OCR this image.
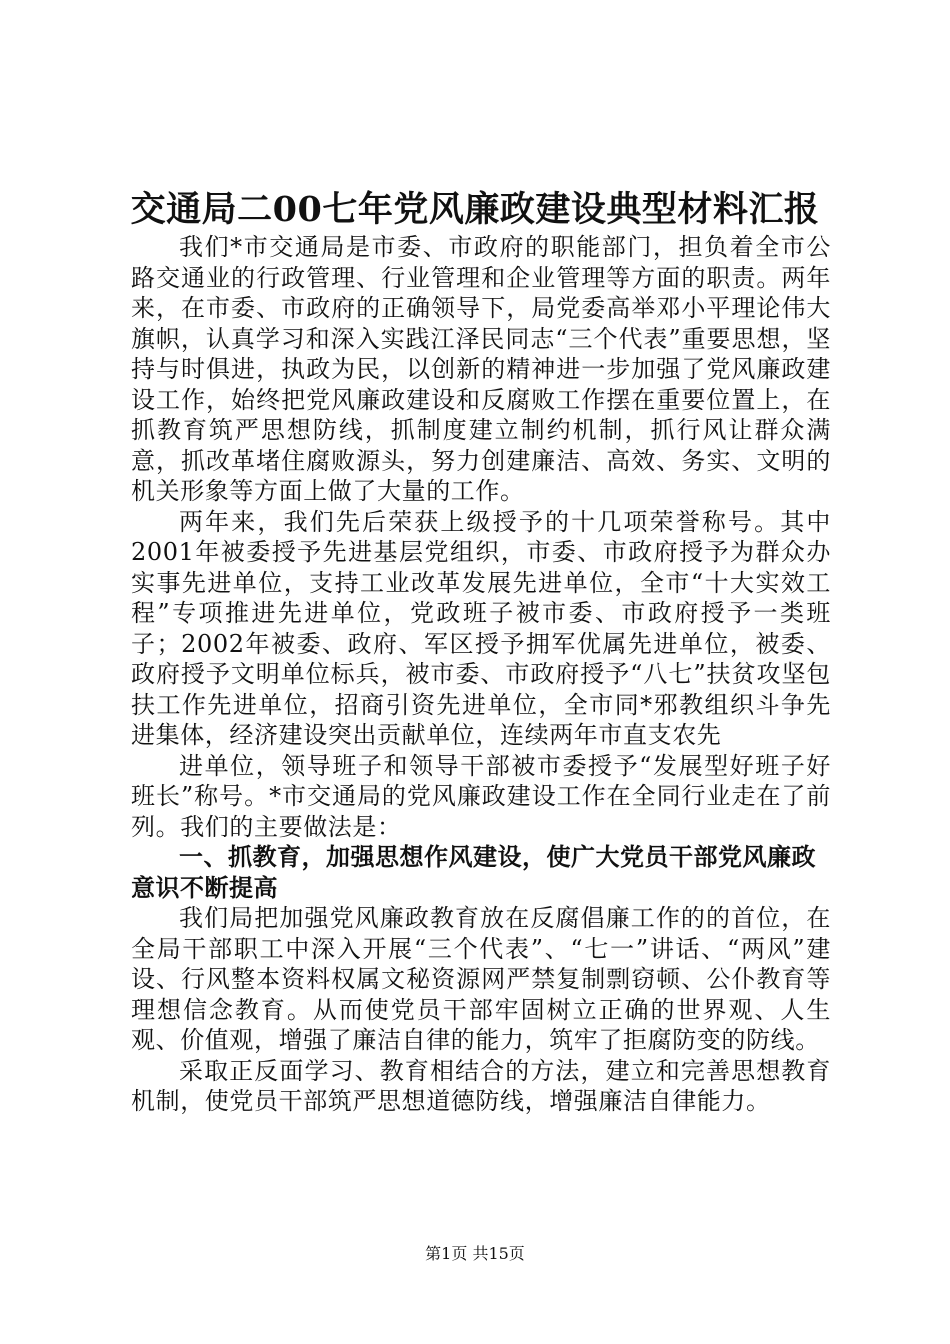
交通局二00七年党风廉政建设典型材料汇报

我们*市交通局是市委、市政府的职能部门，担负着全市公路交通业的行政管理、行业管理和企业管理等方面的职责。两年来，在市委、市政府的正确领导下，局党委高举邓小平理论伟大旗帜，认真学习和深入实践江泽民同志“三个代表”重要思想，坚持与时俱进，执政为民，以创新的精神进一步加强了党风廉政建设工作，始终把党风廉政建设和反腐败工作摆在重要位置上，在抓教育筑严思想防线，抓制度建立制约机制，抓行风让群众满意，抓改革堵住腐败源头，努力创建廉洁、高效、务实、文明的机关形象等方面上做了大量的工作。

两年来，我们先后荣获上级授予的十几项荣誉称号。其中2001年被委授予先进基层党组织，市委、市政府授予为群众办实事先进单位，支持工业改革发展先进单位，全市“十大实效工程”专项推进先进单位，党政班子被市委、市政府授予一类班子；2002年被委、政府、军区授予拥军优属先进单位，被委、政府授予文明单位标兵，被市委、市政府授予“八七”扶贫攻坚包扶工作先进单位，招商引资先进单位，全市同*邪教组织斗争先进集体，经济建设突出贡献单位，连续两年市直支农先

进单位，领导班子和领导干部被市委授予“发展型好班子好班长”称号。*市交通局的党风廉政建设工作在全同行业走在了前列。我们的主要做法是：

一、抓教育，加强思想作风建设，使广大党员干部党风廉政意识不断提高

我们局把加强党风廉政教育放在反腐倡廉工作的的首位，在全局干部职工中深入开展“三个代表”、“七一”讲话、“两风”建设、行风整本资料权属文秘资源网严禁复制剽窃顿、公仆教育等理想信念教育。从而使党员干部牢固树立正确的世界观、人生观、价值观，增强了廉洁自律的能力，筑牢了拒腐防变的防线。

采取正反面学习、教育相结合的方法，建立和完善思想教育机制，使党员干部筑严思想道德防线，增强廉洁自律能力。

第1页 共15页
